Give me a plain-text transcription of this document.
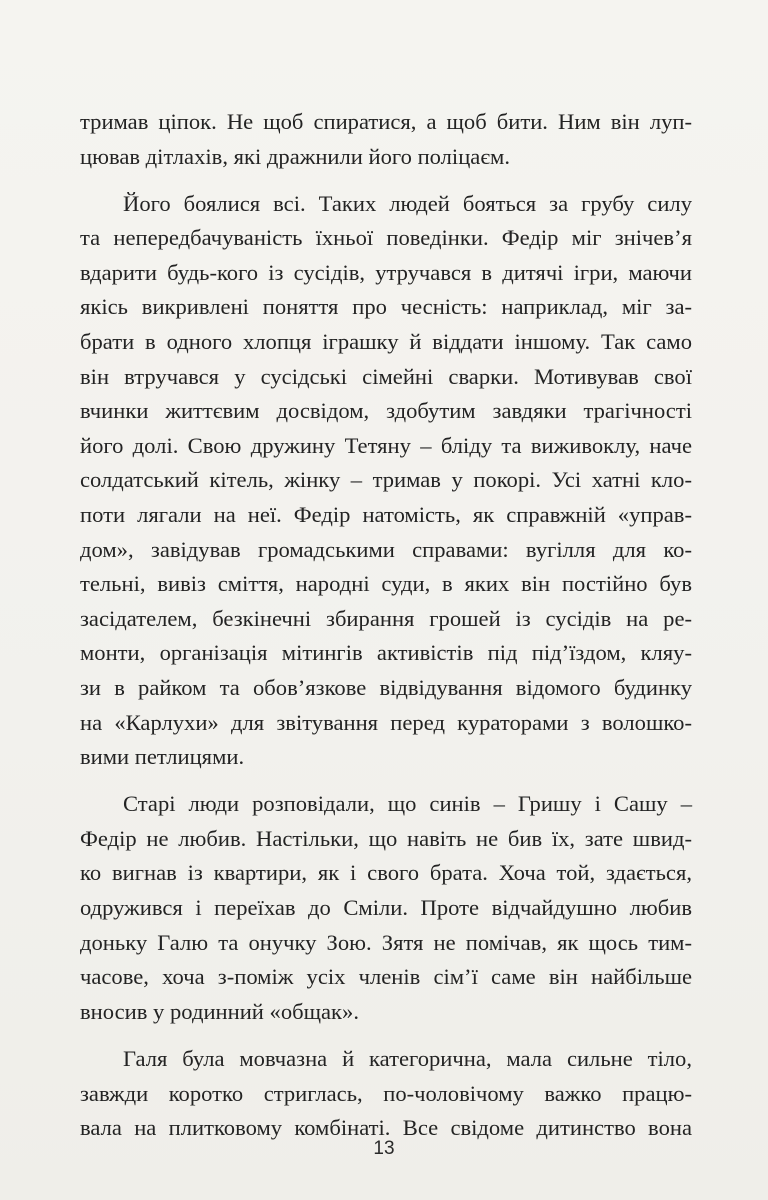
тримав ціпок. Не щоб спиратися, а щоб бити. Ним він луп-
цював дітлахів, які дражнили його поліцаєм.
Його боялися всі. Таких людей бояться за грубу силу
та непередбачуваність їхньої поведінки. Федір міг знічев’я
вдарити будь-кого із сусідів, утручався в дитячі ігри, маючи
якісь викривлені поняття про чесність: наприклад, міг за-
брати в одного хлопця іграшку й віддати іншому. Так само
він втручався у сусідські сімейні сварки. Мотивував свої
вчинки життєвим досвідом, здобутим завдяки трагічності
його долі. Свою дружину Тетяну – бліду та виживоклу, наче
солдатський кітель, жінку – тримав у покорі. Усі хатні кло-
поти лягали на неї. Федір натомість, як справжній «управ-
дом», завідував громадськими справами: вугілля для ко-
тельні, вивіз сміття, народні суди, в яких він постійно був
засідателем, безкінечні збирання грошей із сусідів на ре-
монти, організація мітингів активістів під під’їздом, кляу-
зи в райком та обов’язкове відвідування відомого будинку
на «Карлухи» для звітування перед кураторами з волошко-
вими петлицями.
Старі люди розповідали, що синів – Гришу і Сашу –
Федір не любив. Настільки, що навіть не бив їх, зате швид-
ко вигнав із квартири, як і свого брата. Хоча той, здається,
одружився і переїхав до Сміли. Проте відчайдушно любив
доньку Галю та онучку Зою. Зятя не помічав, як щось тим-
часове, хоча з-поміж усіх членів сім’ї саме він найбільше
вносив у родинний «общак».
Галя була мовчазна й категорична, мала сильне тіло,
завжди коротко стриглась, по-чоловічому важко працю-
вала на плитковому комбінаті. Все свідоме дитинство вона
13
